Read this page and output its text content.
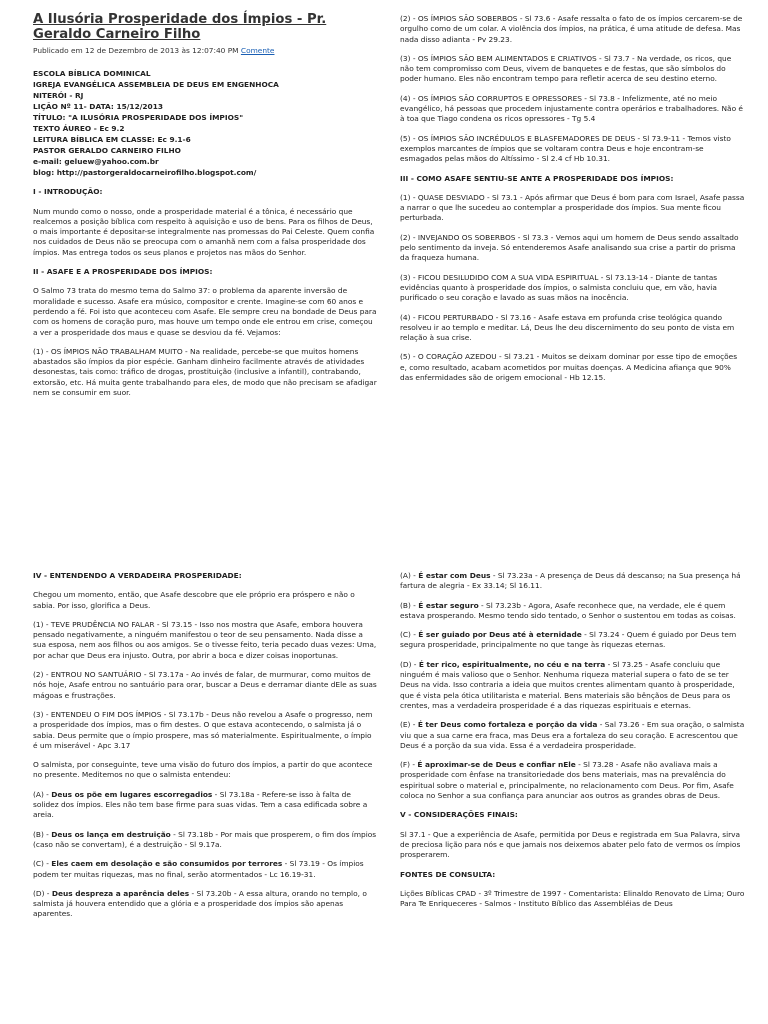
A Ilusória Prosperidade dos Ímpios - Pr. Geraldo Carneiro Filho
Publicado em 12 de Dezembro de 2013 às 12:07:40 PM Comente
ESCOLA BÍBLICA DOMINICAL
IGREJA EVANGÉLICA ASSEMBLEIA DE DEUS EM ENGENHOCA
NITERÓI - RJ
LIÇÃO Nº 11- DATA: 15/12/2013
TÍTULO: "A ILUSÓRIA PROSPERIDADE DOS ÍMPIOS"
TEXTO ÁUREO - Ec 9.2
LEITURA BÍBLICA EM CLASSE: Ec 9.1-6
PASTOR GERALDO CARNEIRO FILHO
e-mail: geluew@yahoo.com.br
blog: http://pastorgeraldocarneirofilho.blogspot.com/

I - INTRODUÇÃO:

Num mundo como o nosso, onde a prosperidade material é a tônica, é necessário que realcemos a posição bíblica com respeito à aquisição e uso de bens. Para os filhos de Deus, o mais importante é depositar-se integralmente nas promessas do Pai Celeste. Quem confia nos cuidados de Deus não se preocupa com o amanhã nem com a falsa prosperidade dos ímpios. Mas entrega todos os seus planos e projetos nas mãos do Senhor.

II - ASAFE E A PROSPERIDADE DOS ÍMPIOS:

O Salmo 73 trata do mesmo tema do Salmo 37: o problema da aparente inversão de moralidade e sucesso. Asafe era músico, compositor e crente. Imagine-se com 60 anos e perdendo a fé. Foi isto que aconteceu com Asafe. Ele sempre creu na bondade de Deus para com os homens de coração puro, mas houve um tempo onde ele entrou em crise, começou a ver a prosperidade dos maus e quase se desviou da fé. Vejamos:

(1) - OS ÍMPIOS NÃO TRABALHAM MUITO - Na realidade, percebe-se que muitos homens abastados são ímpios da pior espécie. Ganham dinheiro facilmente através de atividades desonestas, tais como: tráfico de drogas, prostituição (inclusive a infantil), contrabando, extorsão, etc. Há muita gente trabalhando para eles, de modo que não precisam se afadigar nem se consumir em suor.

(2) - OS ÍMPIOS SÃO SOBERBOS - Sl 73.6 - Asafe ressalta o fato de os ímpios cercarem-se de orgulho como de um colar. A violência dos ímpios, na prática, é uma atitude de defesa. Mas nada disso adianta - Pv 29.23.

(3) - OS ÍMPIOS SÃO BEM ALIMENTADOS E CRIATIVOS - Sl 73.7 - Na verdade, os ricos, que não tem compromisso com Deus, vivem de banquetes e de festas, que são símbolos do poder humano. Eles não encontram tempo para refletir acerca de seu destino eterno.

(4) - OS ÍMPIOS SÃO CORRUPTOS E OPRESSORES - Sl 73.8 - Infelizmente, até no meio evangélico, há pessoas que procedem injustamente contra operários e trabalhadores. Não é à toa que Tiago condena os ricos opressores - Tg 5.4

(5) - OS ÍMPIOS SÃO INCRÉDULOS E BLASFEMADORES DE DEUS - Sl 73.9-11 - Temos visto exemplos marcantes de ímpios que se voltaram contra Deus e hoje encontram-se esmagados pelas mãos do Altíssimo - Sl 2.4 cf Hb 10.31.

III - COMO ASAFE SENTIU-SE ANTE A PROSPERIDADE DOS ÍMPIOS:

(1) - QUASE DESVIADO - Sl 73.1 - Após afirmar que Deus é bom para com Israel, Asafe passa a narrar o que lhe sucedeu ao contemplar a prosperidade dos ímpios. Sua mente ficou perturbada.

(2) - INVEJANDO OS SOBERBOS - Sl 73.3 - Vemos aqui um homem de Deus sendo assaltado pelo sentimento da inveja. Só entenderemos Asafe analisando sua crise a partir do prisma da fraqueza humana.

(3) - FICOU DESILUDIDO COM A SUA VIDA ESPIRITUAL - Sl 73.13-14 - Diante de tantas evidências quanto à prosperidade dos ímpios, o salmista concluiu que, em vão, havia purificado o seu coração e lavado as suas mãos na inocência.

(4) - FICOU PERTURBADO - Sl 73.16 - Asafe estava em profunda crise teológica quando resolveu ir ao templo e meditar. Lá, Deus lhe deu discernimento do seu ponto de vista em relação à sua crise.

(5) - O CORAÇÃO AZEDOU - Sl 73.21 - Muitos se deixam dominar por esse tipo de emoções e, como resultado, acabam acometidos por muitas doenças. A Medicina afiança que 90% das enfermidades são de origem emocional - Hb 12.15.

IV - ENTENDENDO A VERDADEIRA PROSPERIDADE:

Chegou um momento, então, que Asafe descobre que ele próprio era próspero e não o sabia. Por isso, glorifica a Deus.

(1) - TEVE PRUDÊNCIA NO FALAR - Sl 73.15 - Isso nos mostra que Asafe, embora houvera pensado negativamente, a ninguém manifestou o teor de seu pensamento. Nada disse a sua esposa, nem aos filhos ou aos amigos. Se o tivesse feito, teria pecado duas vezes: Uma, por achar que Deus era injusto. Outra, por abrir a boca e dizer coisas inoportunas.

(2) - ENTROU NO SANTUÁRIO - Sl 73.17a - Ao invés de falar, de murmurar, como muitos de nós hoje, Asafe entrou no santuário para orar, buscar a Deus e derramar diante dEle as suas mágoas e frustrações.

(3) - ENTENDEU O FIM DOS ÍMPIOS - Sl 73.17b - Deus não revelou a Asafe o progresso, nem a prosperidade dos ímpios, mas o fim destes. O que estava acontecendo, o salmista já o sabia. Deus permite que o ímpio prospere, mas só materialmente. Espiritualmente, o ímpio é um miserável - Apc 3.17

O salmista, por conseguinte, teve uma visão do futuro dos ímpios, a partir do que acontece no presente. Meditemos no que o salmista entendeu:

(A) - Deus os põe em lugares escorregadios - Sl 73.18a - Refere-se isso à falta de solidez dos ímpios. Eles não tem base firme para suas vidas. Tem a casa edificada sobre a areia.

(B) - Deus os lança em destruição - Sl 73.18b - Por mais que prosperem, o fim dos ímpios (caso não se convertam), é a destruição - Sl 9.17a.

(C) - Eles caem em desolação e são consumidos por terrores - Sl 73.19 - Os ímpios podem ter muitas riquezas, mas no final, serão atormentados - Lc 16.19-31.

(D) - Deus despreza a aparência deles - Sl 73.20b - A essa altura, orando no templo, o salmista já houvera entendido que a glória e a prosperidade dos ímpios são apenas aparentes.

(A) - É estar com Deus - Sl 73.23a - A presença de Deus dá descanso; na Sua presença há fartura de alegria - Ex 33.14; Sl 16.11.

(B) - É estar seguro - Sl 73.23b - Agora, Asafe reconhece que, na verdade, ele é quem estava prosperando. Mesmo tendo sido tentado, o Senhor o sustentou em todas as coisas.

(C) - É ser guiado por Deus até à eternidade - Sl 73.24 - Quem é guiado por Deus tem segura prosperidade, principalmente no que tange às riquezas eternas.

(D) - É ter rico, espiritualmente, no céu e na terra - Sl 73.25 - Asafe concluiu que ninguém é mais valioso que o Senhor. Nenhuma riqueza material supera o fato de se ter Deus na vida. Isso contraria a ideia que muitos crentes alimentam quanto à prosperidade, que é vista pela ótica utilitarista e material. Bens materiais são bênçãos de Deus para os crentes, mas a verdadeira prosperidade é a das riquezas espirituais e eternas.

(E) - É ter Deus como fortaleza e porção da vida - Sal 73.26 - Em sua oração, o salmista viu que a sua carne era fraca, mas Deus era a fortaleza do seu coração. E acrescentou que Deus é a porção da sua vida. Essa é a verdadeira prosperidade.

(F) - É aproximar-se de Deus e confiar nEle - Sl 73.28 - Asafe não avaliava mais a prosperidade com ênfase na transitoriedade dos bens materiais, mas na prevalência do espiritual sobre o material e, principalmente, no relacionamento com Deus. Por fim, Asafe coloca no Senhor a sua confiança para anunciar aos outros as grandes obras de Deus.

V - CONSIDERAÇÕES FINAIS:

Sl 37.1 - Que a experiência de Asafe, permitida por Deus e registrada em Sua Palavra, sirva de preciosa lição para nós e que jamais nos deixemos abater pelo fato de vermos os ímpios prosperarem.

FONTES DE CONSULTA:

Lições Bíblicas CPAD - 3º Trimestre de 1997 - Comentarista: Elinaldo Renovato de Lima; Ouro Para Te Enriqueceres - Salmos - Instituto Bíblico das Assembléias de Deus
